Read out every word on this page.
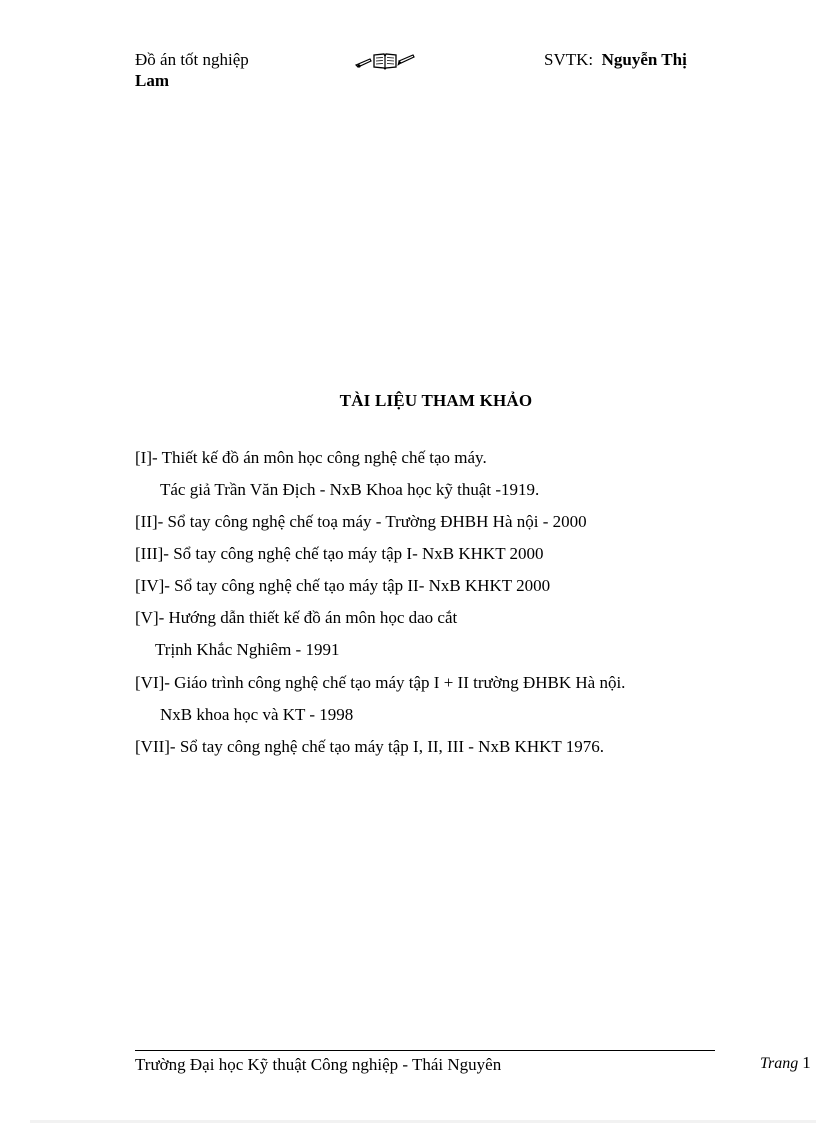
Đồ án tốt nghiệp	SVTK: Nguyễn Thị
Lam
TÀI LIỆU THAM KHẢO
[I]- Thiết kế đồ án môn học công nghệ chế tạo máy.
Tác giả Trần Văn Địch - NxB Khoa học kỹ thuật -1919.
[II]- Sổ tay công nghệ chế toạ máy - Trường ĐHBH Hà nội - 2000
[III]- Sổ tay công nghệ chế tạo máy tập I- NxB KHKT 2000
[IV]- Sổ tay công nghệ chế tạo máy tập II- NxB KHKT 2000
[V]- Hướng dẫn thiết kế đồ án môn học dao cắt
Trịnh Khắc Nghiêm - 1991
[VI]- Giáo trình công nghệ chế tạo máy tập I + II trường ĐHBK Hà nội.
NxB khoa học và KT - 1998
[VII]- Sổ tay công nghệ chế tạo máy tập I, II, III - NxB KHKT 1976.
Trường Đại học Kỹ thuật Công nghiệp - Thái Nguyên	Trang 1
